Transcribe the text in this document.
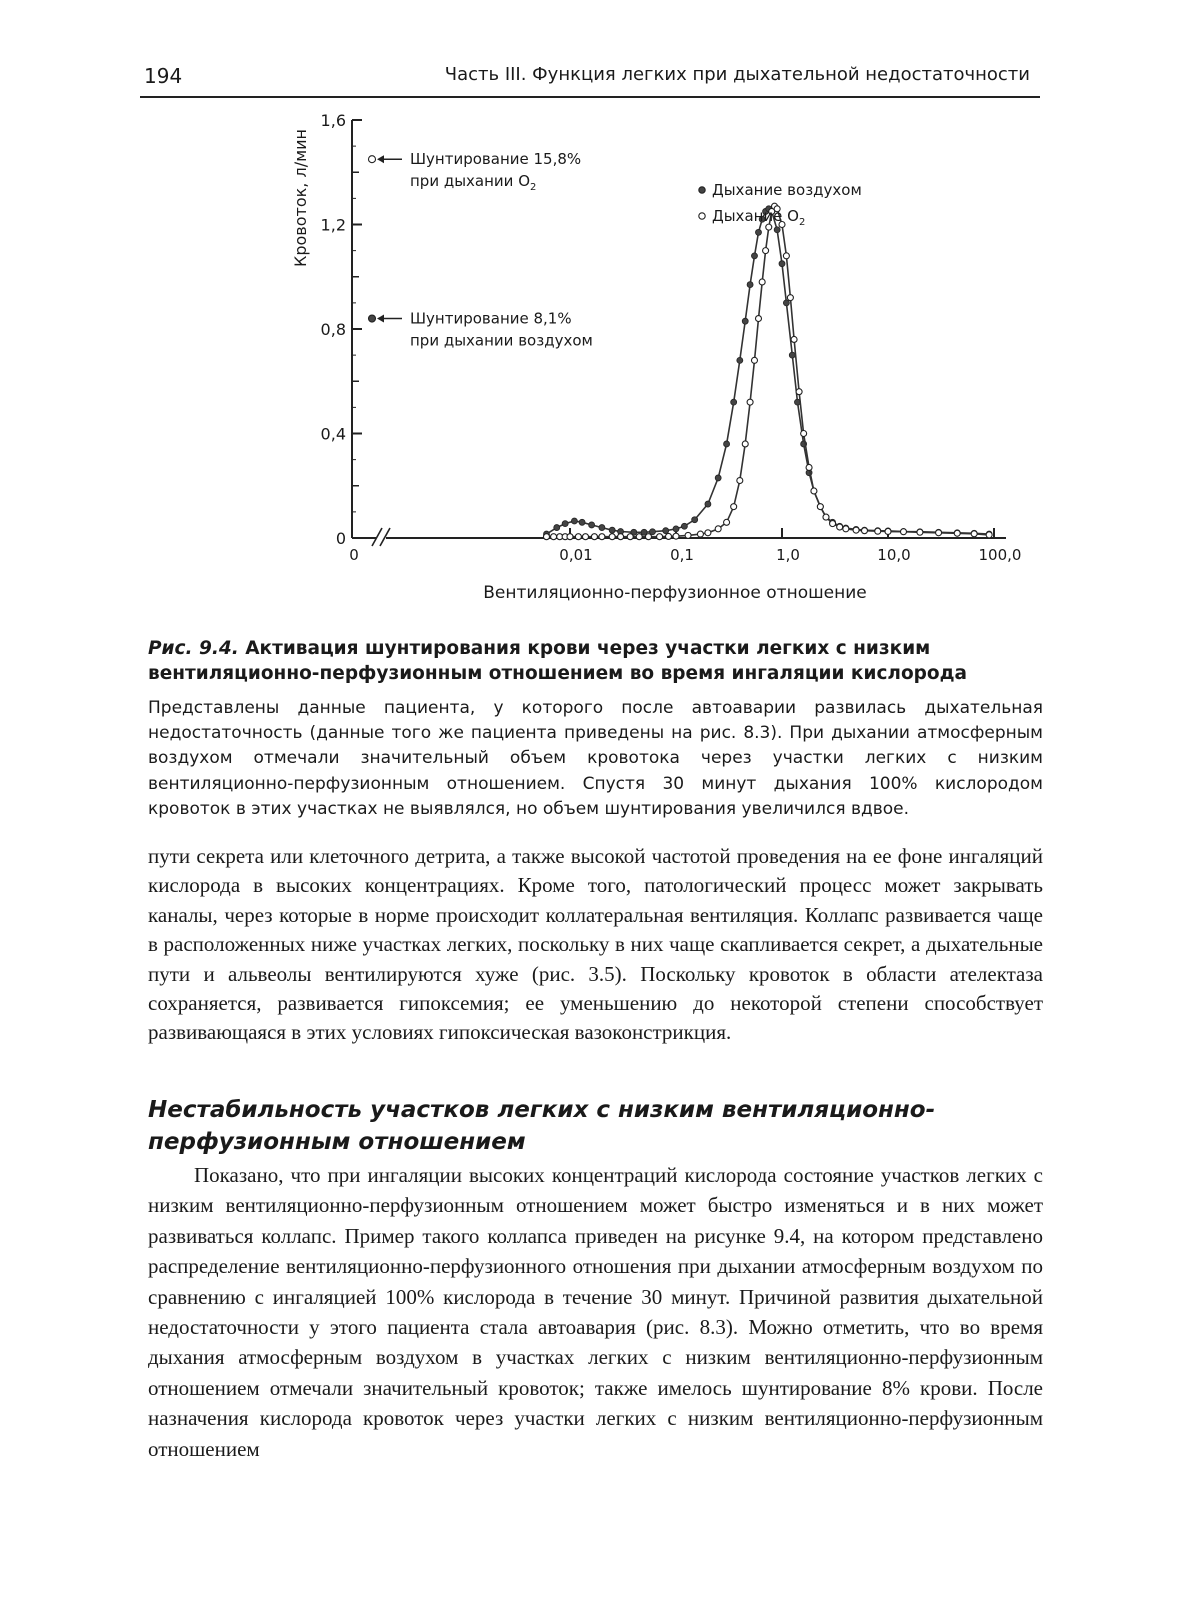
194	Часть III. Функция легких при дыхательной недостаточности
0
0,4
0,8
1,2
1,6
0	0,01	0,1	1,0	10,0	100,0
Шунтирование 15,8%
при дыхании $O_2$
Шунтирование 8,1%
при дыхании воздухом
Дыхание воздухом
Дыхание $O_2$
Вентиляционно-перфузионное отношение
Кровоток, л/мин
Рис. 9.4. Активация шунтирования крови через участки легких с низким вентиляционно-перфузионным отношением во время ингаляции кислорода
Представлены данные пациента, у которого после автоаварии развилась дыхательная недостаточность (данные того же пациента приведены на рис. 8.3). При дыхании атмосферным воздухом отмечали значительный объем кровотока через участки легких с низким вентиляционно-перфузионным отношением. Спустя 30 минут дыхания 100% кислородом кровоток в этих участках не выявлялся, но объем шунтирования увеличился вдвое.
пути секрета или клеточного детрита, а также высокой частотой проведения на ее фоне ингаляций кислорода в высоких концентрациях. Кроме того, патологический процесс может закрывать каналы, через которые в норме происходит коллатеральная вентиляция. Коллапс развивается чаще в расположенных ниже участках легких, поскольку в них чаще скапливается секрет, а дыхательные пути и альвеолы вентилируются хуже (рис. 3.5). Поскольку кровоток в области ателектаза сохраняется, развивается гипоксемия; ее уменьшению до некоторой степени способствует развивающаяся в этих условиях гипоксическая вазоконстрикция.
Нестабильность участков легких с низким вентиляционно-перфузионным отношением
Показано, что при ингаляции высоких концентраций кислорода состояние участков легких с низким вентиляционно-перфузионным отношением может быстро изменяться и в них может развиваться коллапс. Пример такого коллапса приведен на рисунке 9.4, на котором представлено распределение вентиляционно-перфузионного отношения при дыхании атмосферным воздухом по сравнению с ингаляцией 100% кислорода в течение 30 минут. Причиной развития дыхательной недостаточности у этого пациента стала автоавария (рис. 8.3). Можно отметить, что во время дыхания атмосферным воздухом в участках легких с низким вентиляционно-перфузионным отношением отмечали значительный кровоток; также имелось шунтирование 8% крови. После назначения кислорода кровоток через участки легких с низким вентиляционно-перфузионным отношением
